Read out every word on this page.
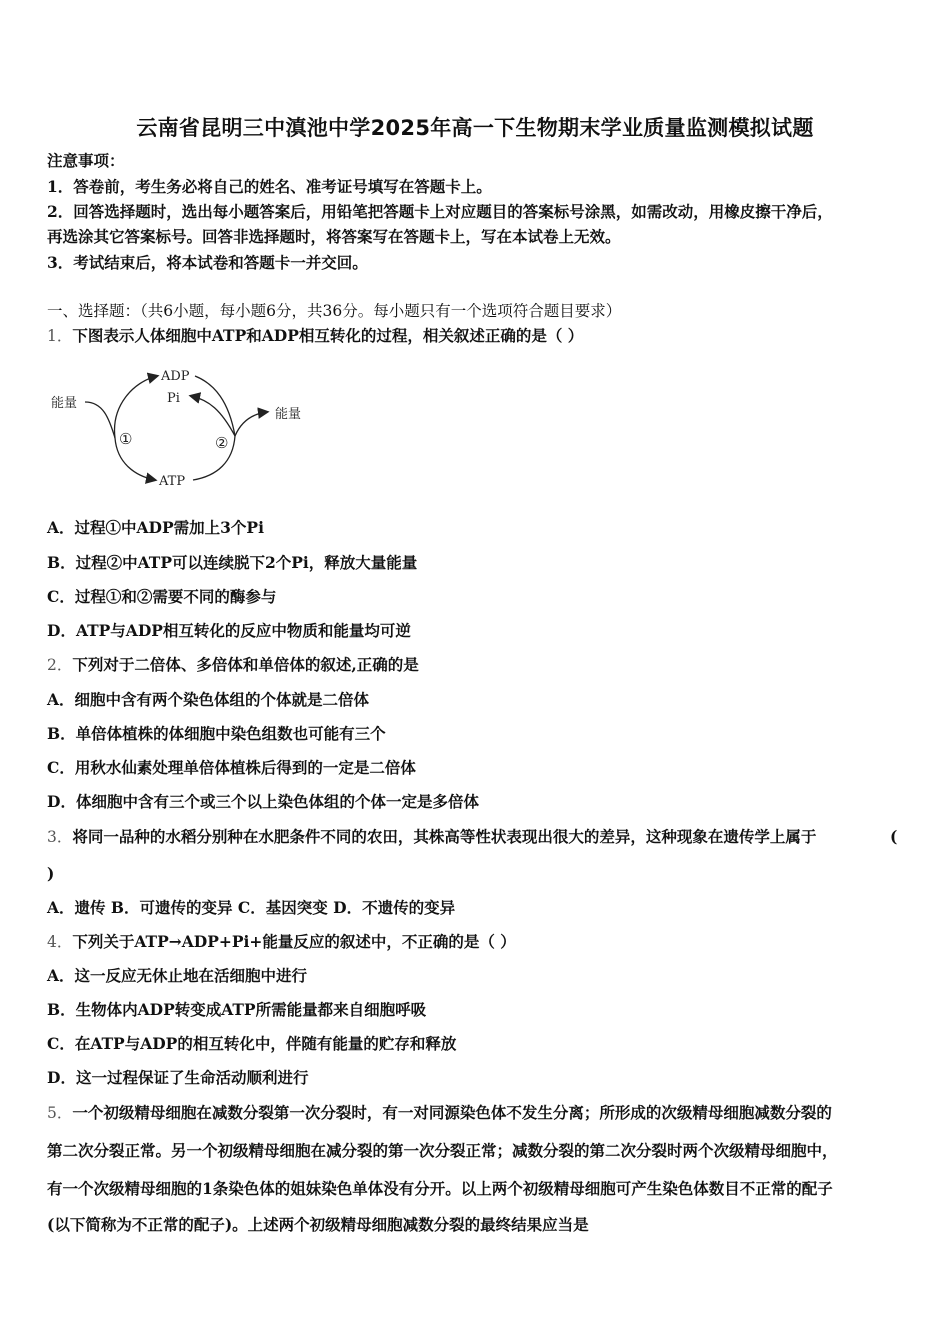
云南省昆明三中滇池中学2025年高一下生物期末学业质量监测模拟试题
注意事项：
1．答卷前，考生务必将自己的姓名、准考证号填写在答题卡上。
2．回答选择题时，选出每小题答案后，用铅笔把答题卡上对应题目的答案标号涂黑，如需改动，用橡皮擦干净后，
再选涂其它答案标号。回答非选择题时，将答案写在答题卡上，写在本试卷上无效。
3．考试结束后，将本试卷和答题卡一并交回。
一、选择题：（共6小题，每小题6分，共36分。每小题只有一个选项符合题目要求）
1．下图表示人体细胞中ATP和ADP相互转化的过程，相关叙述正确的是（ ）
能量
ADP
Pi
ATP
能量
①	②
A．过程①中ADP需加上3个Pi
B．过程②中ATP可以连续脱下2个Pi，释放大量能量
C．过程①和②需要不同的酶参与
D．ATP与ADP相互转化的反应中物质和能量均可逆
2．下列对于二倍体、多倍体和单倍体的叙述,正确的是
A．细胞中含有两个染色体组的个体就是二倍体
B．单倍体植株的体细胞中染色组数也可能有三个
C．用秋水仙素处理单倍体植株后得到的一定是二倍体
D．体细胞中含有三个或三个以上染色体组的个体一定是多倍体
3．将同一品种的水稻分别种在水肥条件不同的农田，其株高等性状表现出很大的差异，这种现象在遗传学上属于	(
)
A．遗传 B．可遗传的变异 C．基因突变 D．不遗传的变异
4．下列关于ATP→ADP+Pi+能量反应的叙述中，不正确的是（ ）
A．这一反应无休止地在活细胞中进行
B．生物体内ADP转变成ATP所需能量都来自细胞呼吸
C．在ATP与ADP的相互转化中，伴随有能量的贮存和释放
D．这一过程保证了生命活动顺利进行
5．一个初级精母细胞在减数分裂第一次分裂时，有一对同源染色体不发生分离；所形成的次级精母细胞减数分裂的
第二次分裂正常。另一个初级精母细胞在减分裂的第一次分裂正常；减数分裂的第二次分裂时两个次级精母细胞中，
有一个次级精母细胞的1条染色体的姐妹染色单体没有分开。以上两个初级精母细胞可产生染色体数目不正常的配子
(以下简称为不正常的配子)。上述两个初级精母细胞减数分裂的最终结果应当是
